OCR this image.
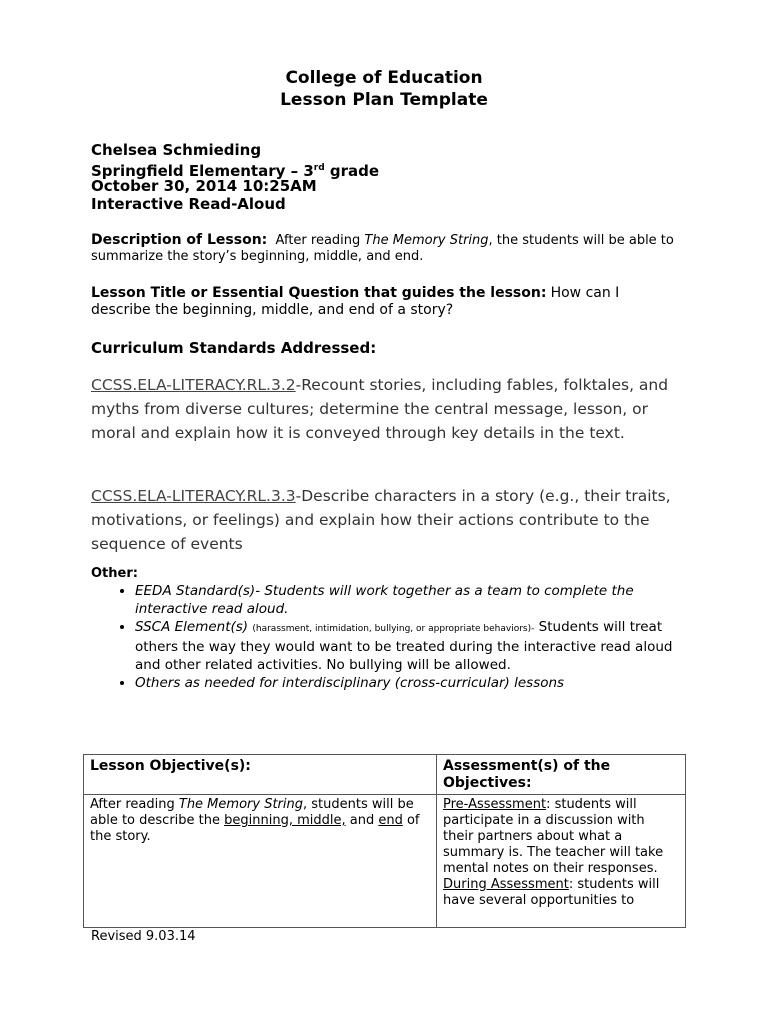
College of Education
Lesson Plan Template
Chelsea Schmieding
Springfield Elementary – 3rd grade
October 30, 2014 10:25AM
Interactive Read-Aloud
Description of Lesson: After reading The Memory String, the students will be able to summarize the story’s beginning, middle, and end.
Lesson Title or Essential Question that guides the lesson: How can I describe the beginning, middle, and end of a story?
Curriculum Standards Addressed:
CCSS.ELA-LITERACY.RL.3.2-Recount stories, including fables, folktales, and myths from diverse cultures; determine the central message, lesson, or moral and explain how it is conveyed through key details in the text.
CCSS.ELA-LITERACY.RL.3.3-Describe characters in a story (e.g., their traits, motivations, or feelings) and explain how their actions contribute to the sequence of events
Other:
• EEDA Standard(s)- Students will work together as a team to complete the interactive read aloud.
• SSCA Element(s) (harassment, intimidation, bullying, or appropriate behaviors)- Students will treat others the way they would want to be treated during the interactive read aloud and other related activities. No bullying will be allowed.
• Others as needed for interdisciplinary (cross-curricular) lessons
Lesson Objective(s):	Assessment(s) of the Objectives:

After reading The Memory String, students will be able to describe the beginning, middle, and end of the story.	Pre-Assessment: students will participate in a discussion with their partners about what a summary is. The teacher will take mental notes on their responses.
During Assessment: students will have several opportunities to
Revised 9.03.14
